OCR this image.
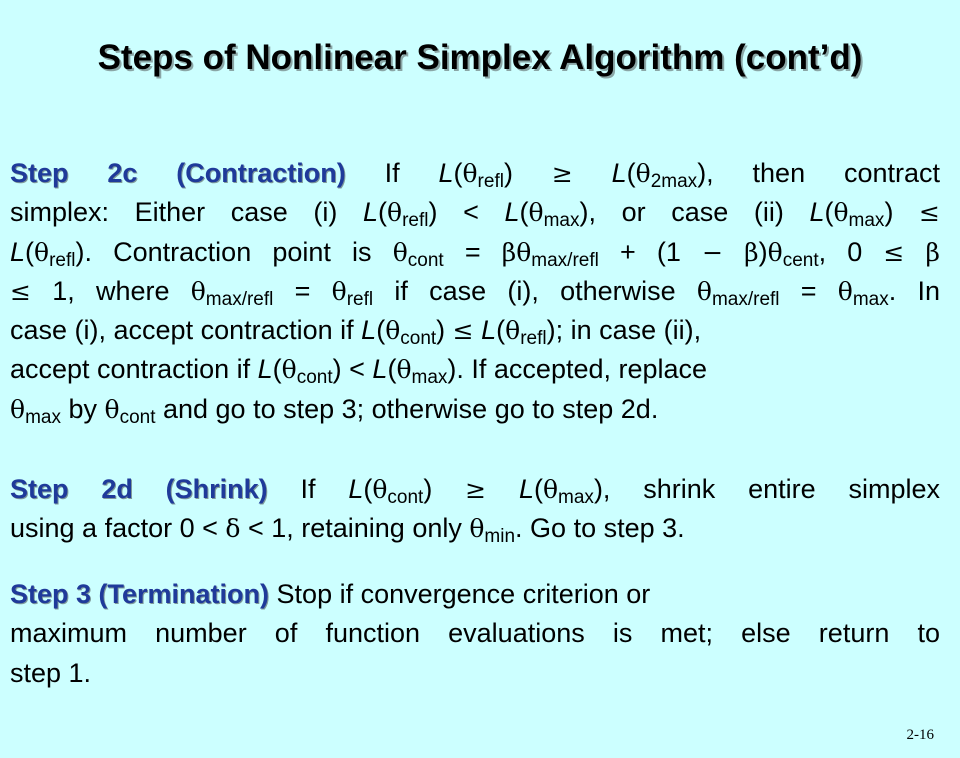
Steps of Nonlinear Simplex Algorithm (cont’d)
Step 2c (Contraction) If $L(\theta_{refl}) \ge L(\theta_{2max})$, then contract
simplex: Either case (i) $L(\theta_{refl}) < L(\theta_{max})$, or case (ii) $L(\theta_{max})$ ≤
$L(\theta_{refl})$. Contraction point is $\theta_{cont} = \beta\theta_{max/refl} + (1 - \beta)\theta_{cent}$, 0 ≤ β
≤ 1, where $\theta_{max/refl} = \theta_{refl}$ if case (i), otherwise $\theta_{max/refl} = \theta_{max}$. In
case (i), accept contraction if $L(\theta_{cont}) \le L(\theta_{refl})$; in case (ii),
accept contraction if $L(\theta_{cont}) < L(\theta_{max})$. If accepted, replace
$\theta_{max}$ by $\theta_{cont}$ and go to step 3; otherwise go to step 2d.
Step 2d (Shrink) If $L(\theta_{cont}) \ge L(\theta_{max})$, shrink entire simplex
using a factor 0 < δ < 1, retaining only $\theta_{min}$. Go to step 3.
Step 3 (Termination) Stop if convergence criterion or
maximum number of function evaluations is met; else return to
step 1.
2-16
